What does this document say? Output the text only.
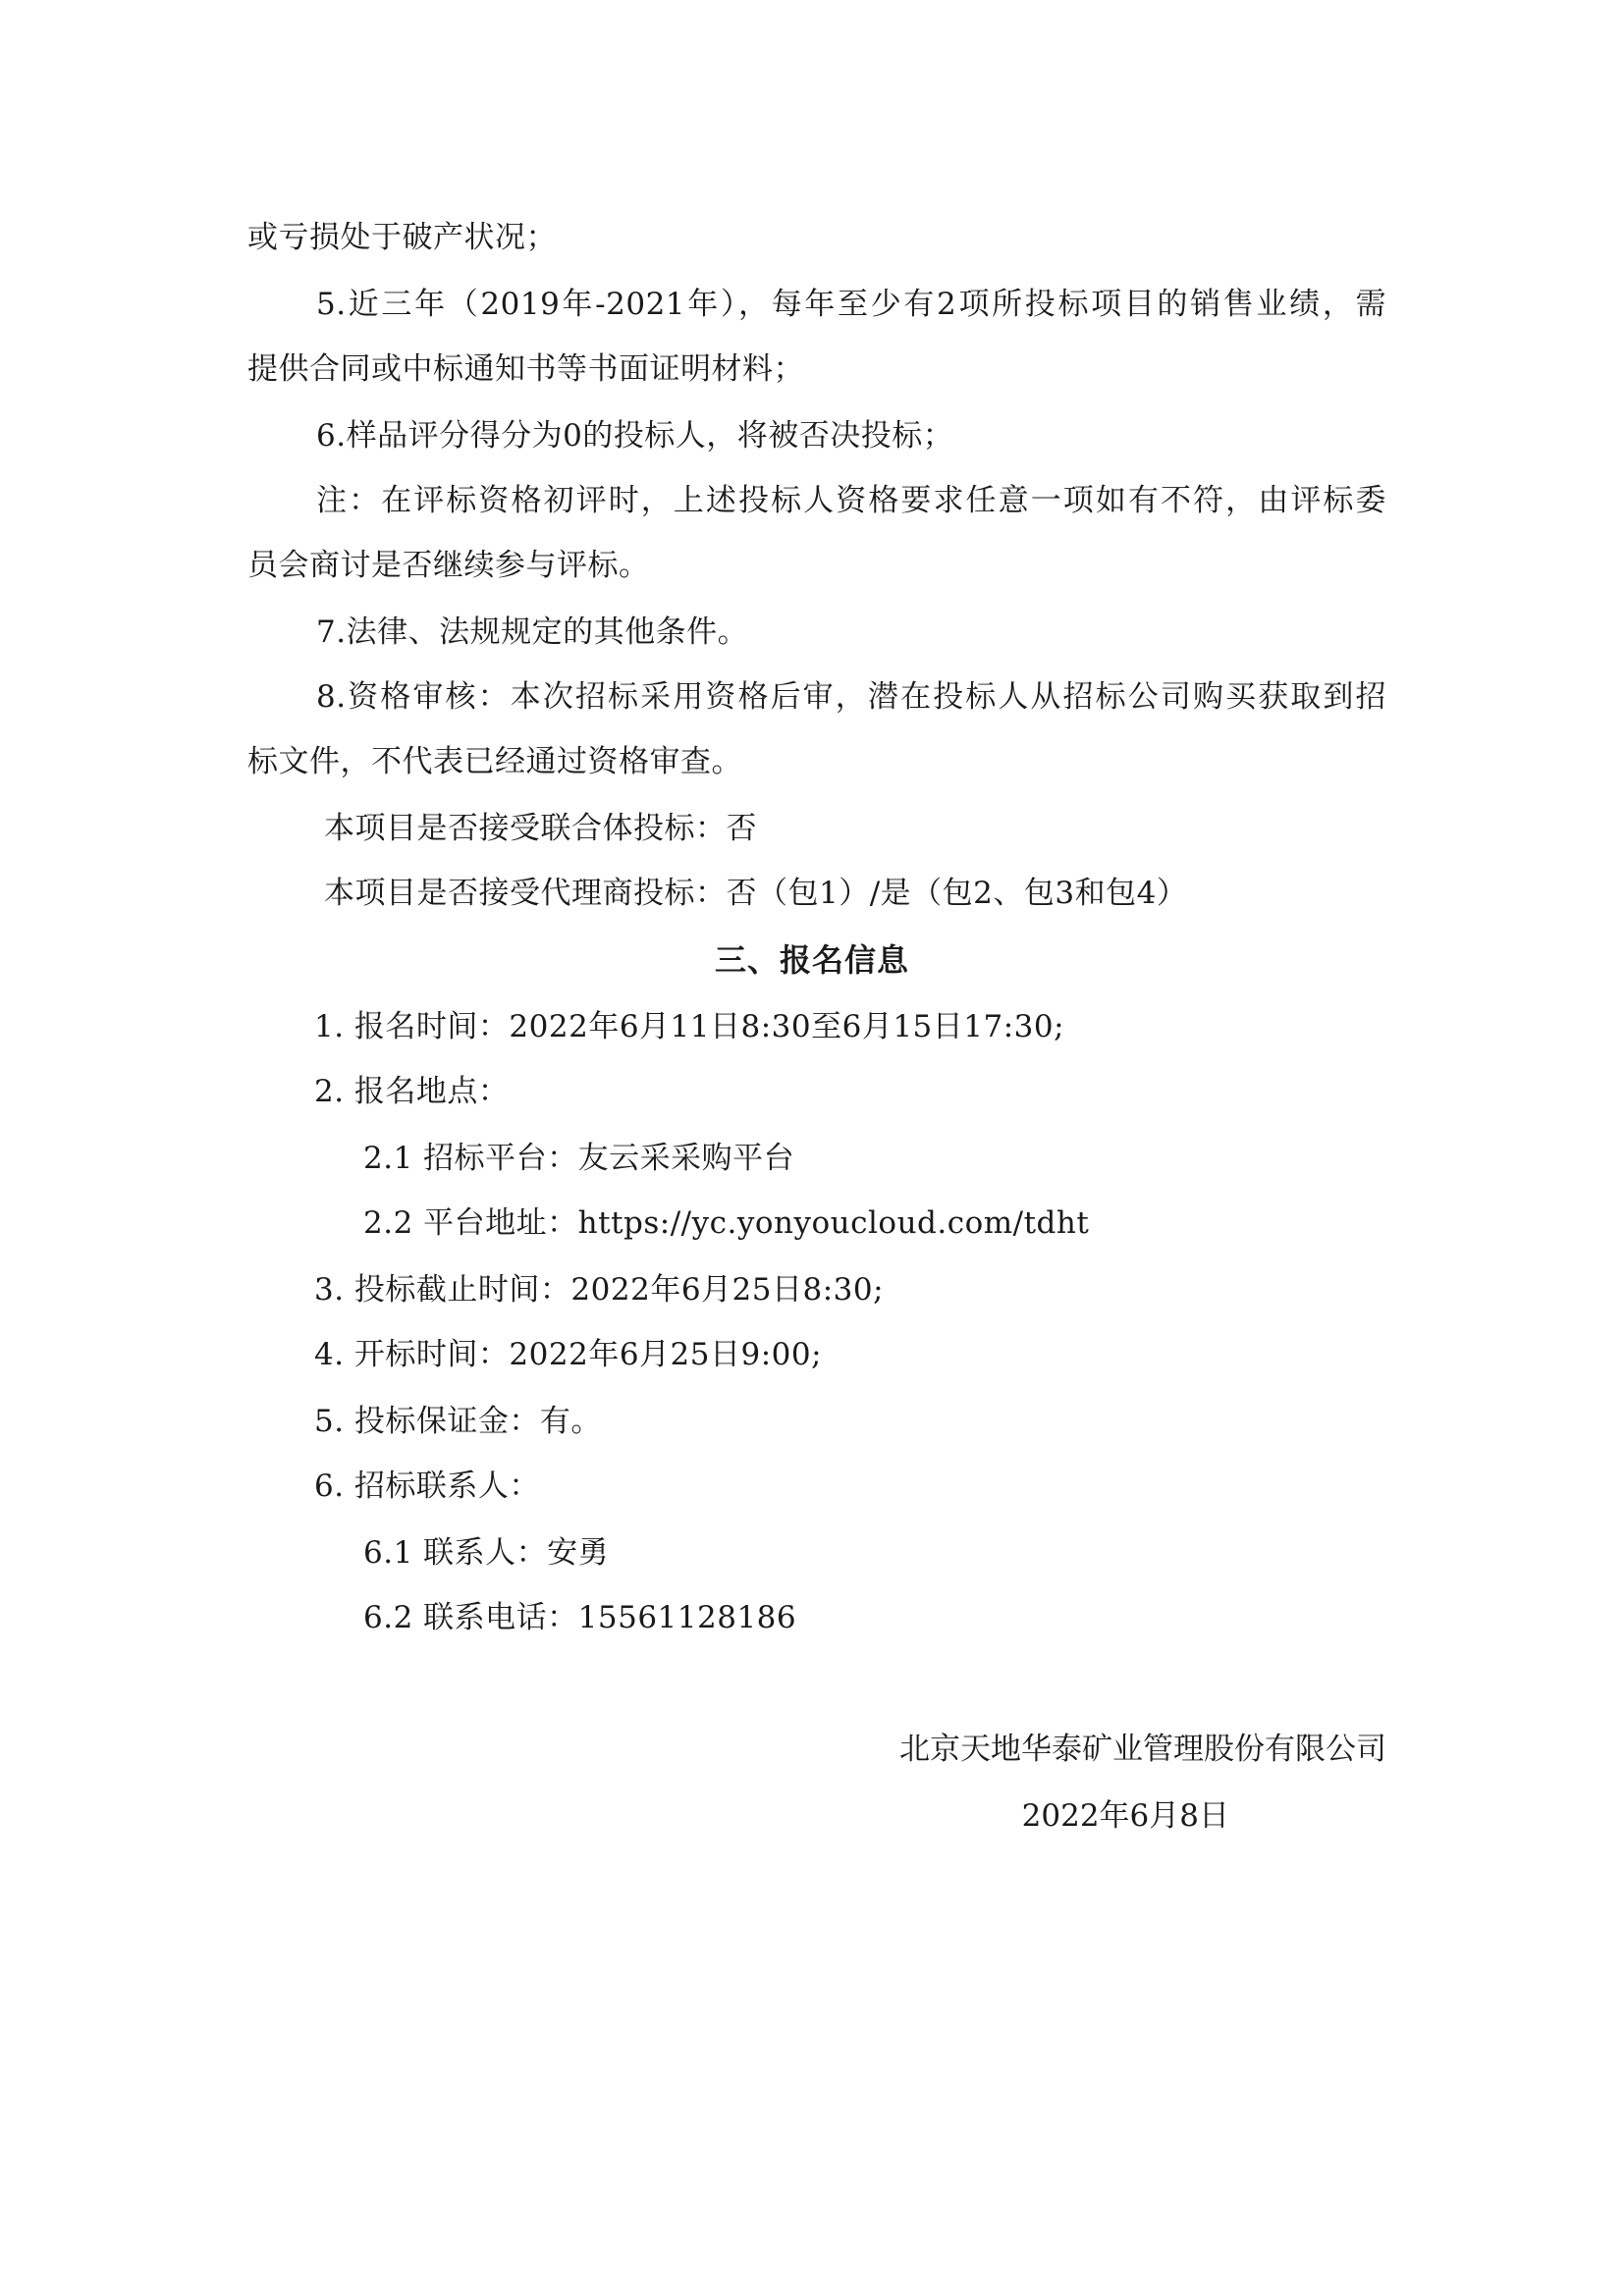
或亏损处于破产状况；
5.近三年（2019年-2021年），每年至少有2项所投标项目的销售业绩，需
提供合同或中标通知书等书面证明材料；
6.样品评分得分为0的投标人，将被否决投标；
注：在评标资格初评时，上述投标人资格要求任意一项如有不符，由评标委
员会商讨是否继续参与评标。
7.法律、法规规定的其他条件。
8.资格审核：本次招标采用资格后审，潜在投标人从招标公司购买获取到招
标文件，不代表已经通过资格审查。
本项目是否接受联合体投标：否
本项目是否接受代理商投标：否（包1）/是（包2、包3和包4）
三、报名信息
1. 报名时间：2022年6月11日8:30至6月15日17:30;
2. 报名地点：
2.1 招标平台：友云采采购平台
2.2 平台地址：https://yc.yonyoucloud.com/tdht
3. 投标截止时间：2022年6月25日8:30;
4. 开标时间：2022年6月25日9:00;
5. 投标保证金：有。
6. 招标联系人：
6.1 联系人：安勇
6.2 联系电话：15561128186
北京天地华泰矿业管理股份有限公司
2022年6月8日
